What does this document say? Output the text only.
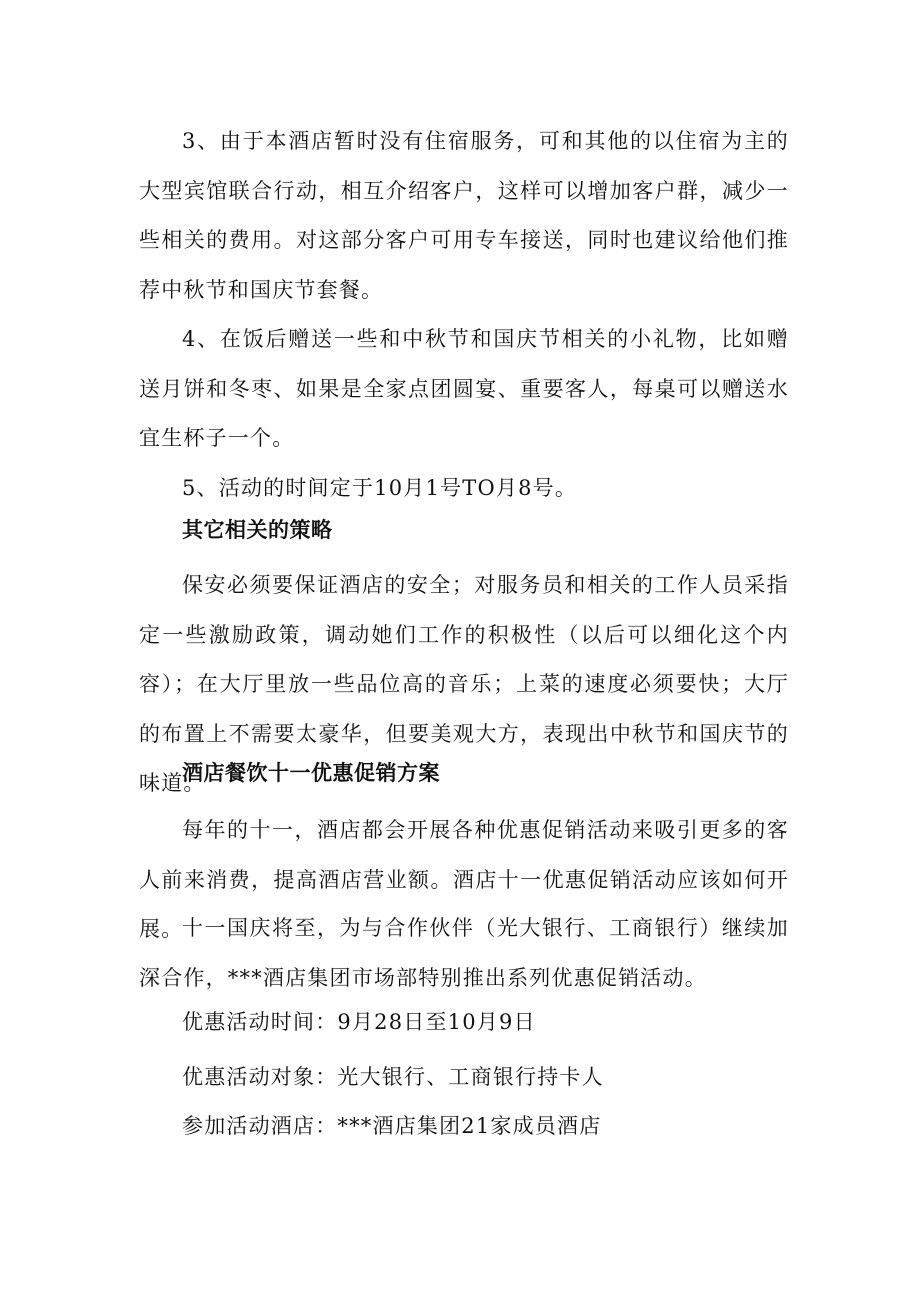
3、由于本酒店暂时没有住宿服务，可和其他的以住宿为主的大型宾馆联合行动，相互介绍客户，这样可以增加客户群，减少一些相关的费用。对这部分客户可用专车接送，同时也建议给他们推荐中秋节和国庆节套餐。

4、在饭后赠送一些和中秋节和国庆节相关的小礼物，比如赠送月饼和冬枣、如果是全家点团圆宴、重要客人，每桌可以赠送水宜生杯子一个。

5、活动的时间定于10月1号TO月8号。

其它相关的策略

保安必须要保证酒店的安全；对服务员和相关的工作人员采指定一些激励政策，调动她们工作的积极性（以后可以细化这个内容）；在大厅里放一些品位高的音乐；上菜的速度必须要快；大厅的布置上不需要太豪华，但要美观大方，表现出中秋节和国庆节的味道。

酒店餐饮十一优惠促销方案

每年的十一，酒店都会开展各种优惠促销活动来吸引更多的客人前来消费，提高酒店营业额。酒店十一优惠促销活动应该如何开展。

十一国庆将至，为与合作伙伴（光大银行、工商银行）继续加深合作，***酒店集团市场部特别推出系列优惠促销活动。

优惠活动时间：9月28日至10月9日

优惠活动对象：光大银行、工商银行持卡人

参加活动酒店：***酒店集团21家成员酒店
